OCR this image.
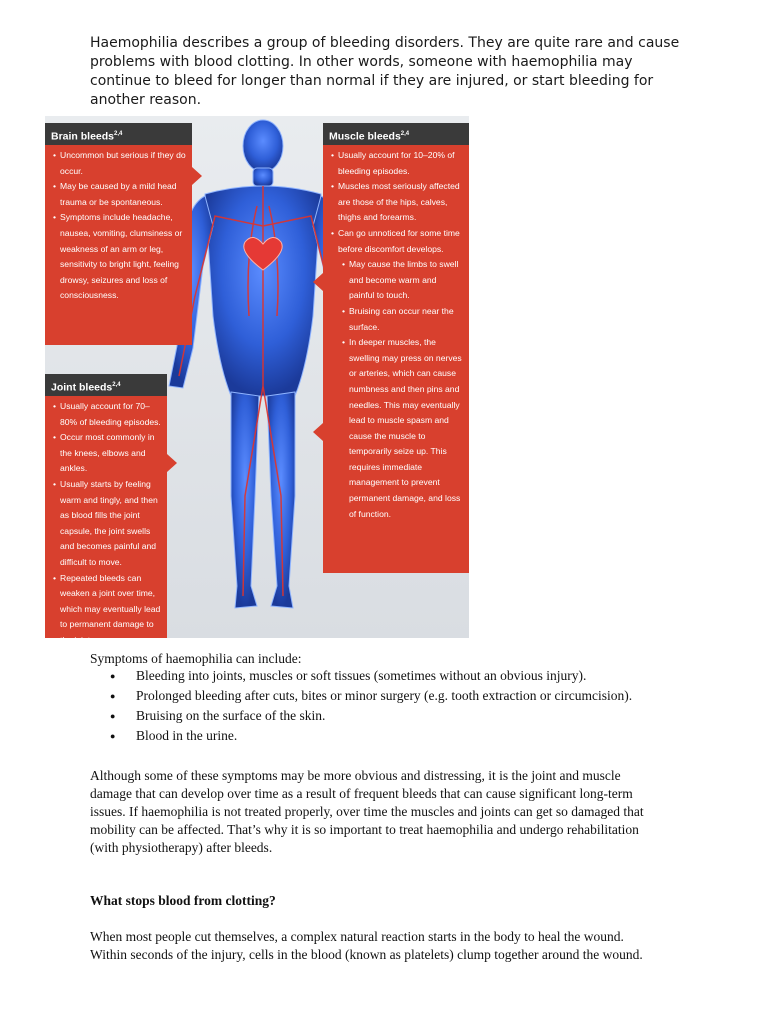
Haemophilia describes a group of bleeding disorders. They are quite rare and cause problems with blood clotting. In other words, someone with haemophilia may continue to bleed for longer than normal if they are injured, or start bleeding for another reason.

Brain bleeds$^{2,4}$
• Uncommon but serious if they do occur.
• May be caused by a mild head trauma or be spontaneous.
• Symptoms include headache, nausea, vomiting, clumsiness or weakness of an arm or leg, sensitivity to bright light, feeling drowsy, seizures and loss of consciousness.
Joint bleeds$^{2,4}$
• Usually account for 70–80% of bleeding episodes.
• Occur most commonly in the knees, elbows and ankles.
• Usually starts by feeling warm and tingly, and then as blood fills the joint capsule, the joint swells and becomes painful and difficult to move.
• Repeated bleeds can weaken a joint over time, which may eventually lead to permanent damage to the joint.
Muscle bleeds$^{2,4}$
• Usually account for 10–20% of bleeding episodes.
• Muscles most seriously affected are those of the hips, calves, thighs and forearms.
• Can go unnoticed for some time before discomfort develops.
• May cause the limbs to swell and become warm and painful to touch.
• Bruising can occur near the surface.
• In deeper muscles, the swelling may press on nerves or arteries, which can cause numbness and then pins and needles. This may eventually lead to muscle spasm and cause the muscle to temporarily seize up. This requires immediate management to prevent permanent damage, and loss of function.

Symptoms of haemophilia can include:

● Bleeding into joints, muscles or soft tissues (sometimes without an obvious injury).
● Prolonged bleeding after cuts, bites or minor surgery (e.g. tooth extraction or circumcision).
● Bruising on the surface of the skin.
● Blood in the urine.

Although some of these symptoms may be more obvious and distressing, it is the joint and muscle damage that can develop over time as a result of frequent bleeds that can cause significant long-term issues. If haemophilia is not treated properly, over time the muscles and joints can get so damaged that mobility can be affected. That’s why it is so important to treat haemophilia and undergo rehabilitation (with physiotherapy) after bleeds.

What stops blood from clotting?

When most people cut themselves, a complex natural reaction starts in the body to heal the wound. Within seconds of the injury, cells in the blood (known as platelets) clump together around the wound.
